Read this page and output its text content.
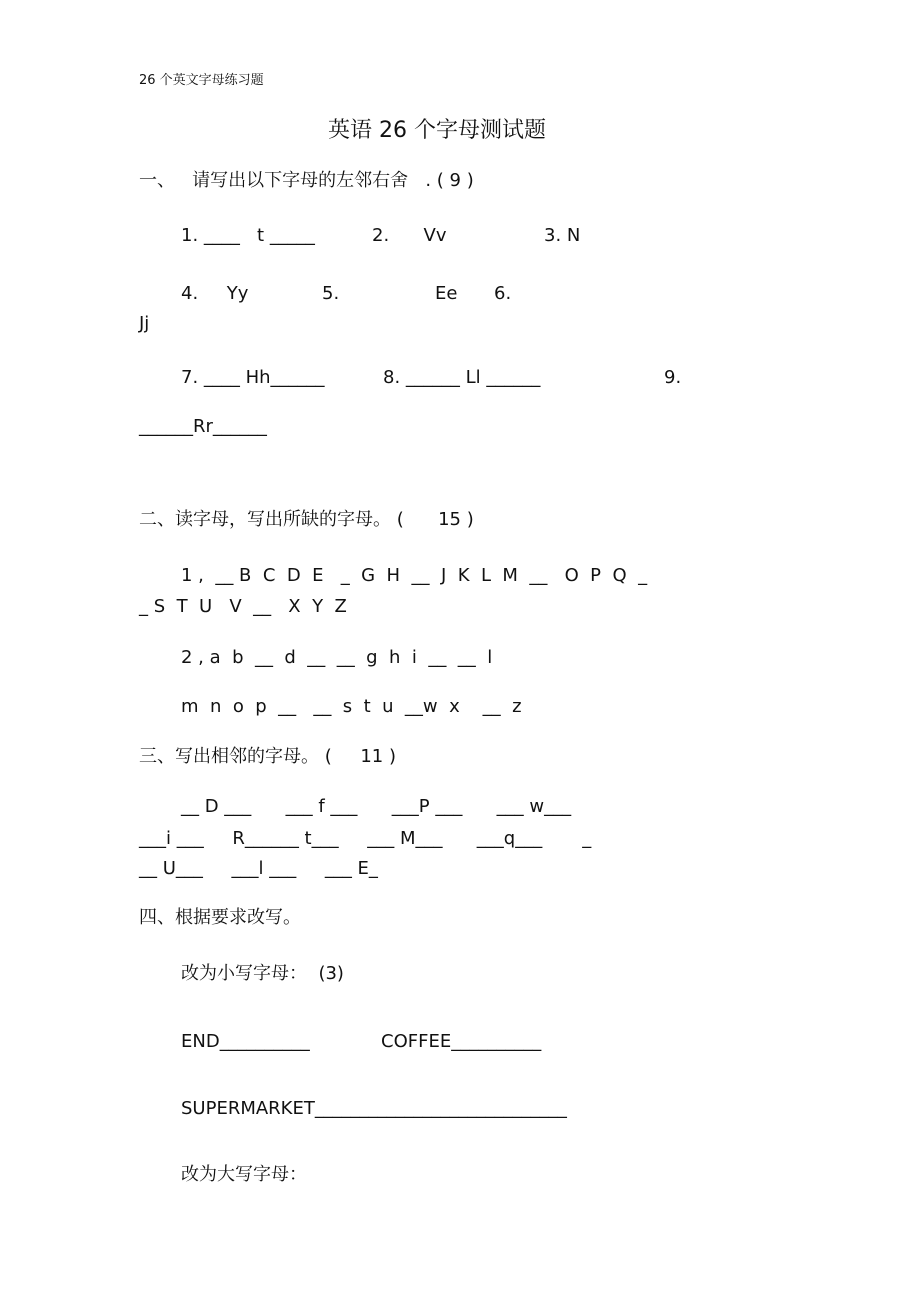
26 个英文字母练习题
英语 26 个字母测试题
一、   请写出以下字母的左邻右舍   . ( 9 )
1. ____   t _____	2.      Vv	3. N
4.     Yy	5.	Ee 6.
Jj
7. ____ Hh______	8. ______ Ll ______	9.
______Rr______
二、读字母，写出所缺的字母。 (      15 )
1 ,  __ B  C  D  E   _  G  H  __  J  K  L  M  __   O  P  Q  _
_ S  T  U   V  __   X  Y  Z
2 , a  b  __  d  __  __  g  h  i  __  __  l
m  n  o  p  __   __  s  t  u  __w  x    __  z
三、写出相邻的字母。 (     11 )
__ D ___      ___ f ___      ___P ___      ___ w___
___i ___     R______ t___     ___ M___      ___q___       _
__ U___     ___l ___     ___ E_
四、根据要求改写。
改为小写字母：  (3)
END__________	COFFEE__________
SUPERMARKET____________________________
改为大写字母：
